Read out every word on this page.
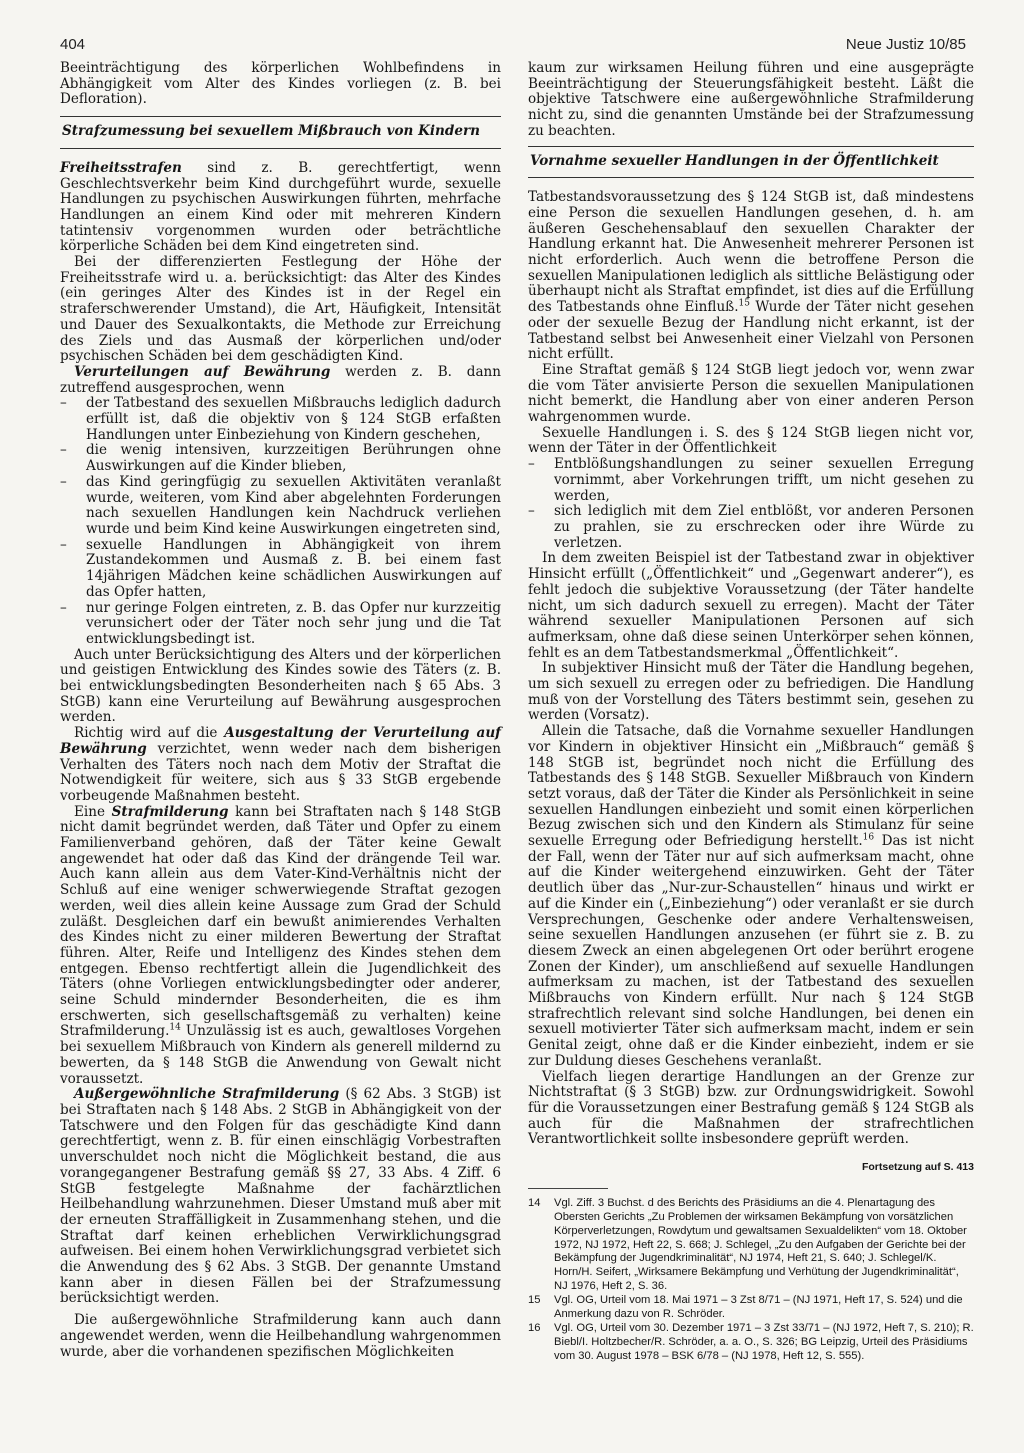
404	Neue Justiz 10/85

Beeinträchtigung des körperlichen Wohlbefindens in Abhängigkeit vom Alter des Kindes vorliegen (z. B. bei Defloration).

Strafzumessung bei sexuellem Mißbrauch von Kindern

Freiheitsstrafen sind z. B. gerechtfertigt, wenn Geschlechtsverkehr beim Kind durchgeführt wurde, sexuelle Handlungen zu psychischen Auswirkungen führten, mehrfache Handlungen an einem Kind oder mit mehreren Kindern tatintensiv vorgenommen wurden oder beträchtliche körperliche Schäden bei dem Kind eingetreten sind.

Bei der differenzierten Festlegung der Höhe der Freiheitsstrafe wird u. a. berücksichtigt: das Alter des Kindes (ein geringes Alter des Kindes ist in der Regel ein straferschwerender Umstand), die Art, Häufigkeit, Intensität und Dauer des Sexualkontakts, die Methode zur Erreichung des Ziels und das Ausmaß der körperlichen und/oder psychischen Schäden bei dem geschädigten Kind.

Verurteilungen auf Bewährung werden z. B. dann zutreffend ausgesprochen, wenn

– der Tatbestand des sexuellen Mißbrauchs lediglich dadurch erfüllt ist, daß die objektiv von § 124 StGB erfaßten Handlungen unter Einbeziehung von Kindern geschehen,
– die wenig intensiven, kurzzeitigen Berührungen ohne Auswirkungen auf die Kinder blieben,
– das Kind geringfügig zu sexuellen Aktivitäten veranlaßt wurde, weiteren, vom Kind aber abgelehnten Forderungen nach sexuellen Handlungen kein Nachdruck verliehen wurde und beim Kind keine Auswirkungen eingetreten sind,
– sexuelle Handlungen in Abhängigkeit von ihrem Zustandekommen und Ausmaß z. B. bei einem fast 14jährigen Mädchen keine schädlichen Auswirkungen auf das Opfer hatten,
– nur geringe Folgen eintreten, z. B. das Opfer nur kurzzeitig verunsichert oder der Täter noch sehr jung und die Tat entwicklungsbedingt ist.

Auch unter Berücksichtigung des Alters und der körperlichen und geistigen Entwicklung des Kindes sowie des Täters (z. B. bei entwicklungsbedingten Besonderheiten nach § 65 Abs. 3 StGB) kann eine Verurteilung auf Bewährung ausgesprochen werden.

Richtig wird auf die Ausgestaltung der Verurteilung auf Bewährung verzichtet, wenn weder nach dem bisherigen Verhalten des Täters noch nach dem Motiv der Straftat die Notwendigkeit für weitere, sich aus § 33 StGB ergebende vorbeugende Maßnahmen besteht.

Eine Strafmilderung kann bei Straftaten nach § 148 StGB nicht damit begründet werden, daß Täter und Opfer zu einem Familienverband gehören, daß der Täter keine Gewalt angewendet hat oder daß das Kind der drängende Teil war. Auch kann allein aus dem Vater-Kind-Verhältnis nicht der Schluß auf eine weniger schwerwiegende Straftat gezogen werden, weil dies allein keine Aussage zum Grad der Schuld zuläßt. Desgleichen darf ein bewußt animierendes Verhalten des Kindes nicht zu einer milderen Bewertung der Straftat führen. Alter, Reife und Intelligenz des Kindes stehen dem entgegen. Ebenso rechtfertigt allein die Jugendlichkeit des Täters (ohne Vorliegen entwicklungsbedingter oder anderer, seine Schuld mindernder Besonderheiten, die es ihm erschwerten, sich gesellschaftsgemäß zu verhalten) keine Strafmilderung.$^{14}$ Unzulässig ist es auch, gewaltloses Vorgehen bei sexuellem Mißbrauch von Kindern als generell mildernd zu bewerten, da § 148 StGB die Anwendung von Gewalt nicht voraussetzt.

Außergewöhnliche Strafmilderung (§ 62 Abs. 3 StGB) ist bei Straftaten nach § 148 Abs. 2 StGB in Abhängigkeit von der Tatschwere und den Folgen für das geschädigte Kind dann gerechtfertigt, wenn z. B. für einen einschlägig Vorbestraften unverschuldet noch nicht die Möglichkeit bestand, die aus vorangegangener Bestrafung gemäß §§ 27, 33 Abs. 4 Ziff. 6 StGB festgelegte Maßnahme der fachärztlichen Heilbehandlung wahrzunehmen. Dieser Umstand muß aber mit der erneuten Straffälligkeit in Zusammenhang stehen, und die Straftat darf keinen erheblichen Verwirklichungsgrad aufweisen. Bei einem hohen Verwirklichungsgrad verbietet sich die Anwendung des § 62 Abs. 3 StGB. Der genannte Umstand kann aber in diesen Fällen bei der Strafzumessung berücksichtigt werden.

Die außergewöhnliche Strafmilderung kann auch dann angewendet werden, wenn die Heilbehandlung wahrgenommen wurde, aber die vorhandenen spezifischen Möglichkeiten

kaum zur wirksamen Heilung führen und eine ausgeprägte Beeinträchtigung der Steuerungsfähigkeit besteht. Läßt die objektive Tatschwere eine außergewöhnliche Strafmilderung nicht zu, sind die genannten Umstände bei der Strafzumessung zu beachten.

Vornahme sexueller Handlungen in der Öffentlichkeit

Tatbestandsvoraussetzung des § 124 StGB ist, daß mindestens eine Person die sexuellen Handlungen gesehen, d. h. am äußeren Geschehensablauf den sexuellen Charakter der Handlung erkannt hat. Die Anwesenheit mehrerer Personen ist nicht erforderlich. Auch wenn die betroffene Person die sexuellen Manipulationen lediglich als sittliche Belästigung oder überhaupt nicht als Straftat empfindet, ist dies auf die Erfüllung des Tatbestands ohne Einfluß.$^{15}$ Wurde der Täter nicht gesehen oder der sexuelle Bezug der Handlung nicht erkannt, ist der Tatbestand selbst bei Anwesenheit einer Vielzahl von Personen nicht erfüllt.

Eine Straftat gemäß § 124 StGB liegt jedoch vor, wenn zwar die vom Täter anvisierte Person die sexuellen Manipulationen nicht bemerkt, die Handlung aber von einer anderen Person wahrgenommen wurde.

Sexuelle Handlungen i. S. des § 124 StGB liegen nicht vor, wenn der Täter in der Öffentlichkeit

– Entblößungshandlungen zu seiner sexuellen Erregung vornimmt, aber Vorkehrungen trifft, um nicht gesehen zu werden,
– sich lediglich mit dem Ziel entblößt, vor anderen Personen zu prahlen, sie zu erschrecken oder ihre Würde zu verletzen.

In dem zweiten Beispiel ist der Tatbestand zwar in objektiver Hinsicht erfüllt („Öffentlichkeit“ und „Gegenwart anderer“), es fehlt jedoch die subjektive Voraussetzung (der Täter handelte nicht, um sich dadurch sexuell zu erregen). Macht der Täter während sexueller Manipulationen Personen auf sich aufmerksam, ohne daß diese seinen Unterkörper sehen können, fehlt es an dem Tatbestandsmerkmal „Öffentlichkeit“.

In subjektiver Hinsicht muß der Täter die Handlung begehen, um sich sexuell zu erregen oder zu befriedigen. Die Handlung muß von der Vorstellung des Täters bestimmt sein, gesehen zu werden (Vorsatz).

Allein die Tatsache, daß die Vornahme sexueller Handlungen vor Kindern in objektiver Hinsicht ein „Mißbrauch“ gemäß § 148 StGB ist, begründet noch nicht die Erfüllung des Tatbestands des § 148 StGB. Sexueller Mißbrauch von Kindern setzt voraus, daß der Täter die Kinder als Persönlichkeit in seine sexuellen Handlungen einbezieht und somit einen körperlichen Bezug zwischen sich und den Kindern als Stimulanz für seine sexuelle Erregung oder Befriedigung herstellt.$^{16}$ Das ist nicht der Fall, wenn der Täter nur auf sich aufmerksam macht, ohne auf die Kinder weitergehend einzuwirken. Geht der Täter deutlich über das „Nur-zur-Schaustellen“ hinaus und wirkt er auf die Kinder ein („Einbeziehung“) oder veranlaßt er sie durch Versprechungen, Geschenke oder andere Verhaltensweisen, seine sexuellen Handlungen anzusehen (er führt sie z. B. zu diesem Zweck an einen abgelegenen Ort oder berührt erogene Zonen der Kinder), um anschließend auf sexuelle Handlungen aufmerksam zu machen, ist der Tatbestand des sexuellen Mißbrauchs von Kindern erfüllt. Nur nach § 124 StGB strafrechtlich relevant sind solche Handlungen, bei denen ein sexuell motivierter Täter sich aufmerksam macht, indem er sein Genital zeigt, ohne daß er die Kinder einbezieht, indem er sie zur Duldung dieses Geschehens veranlaßt.

Vielfach liegen derartige Handlungen an der Grenze zur Nichtstraftat (§ 3 StGB) bzw. zur Ordnungswidrigkeit. Sowohl für die Voraussetzungen einer Bestrafung gemäß § 124 StGB als auch für die Maßnahmen der strafrechtlichen Verantwortlichkeit sollte insbesondere geprüft werden.

Fortsetzung auf S. 413
14	Vgl. Ziff. 3 Buchst. d des Berichts des Präsidiums an die 4. Plenartagung des Obersten Gerichts „Zu Problemen der wirksamen Bekämpfung von vorsätzlichen Körperverletzungen, Rowdytum und gewaltsamen Sexualdelikten“ vom 18. Oktober 1972, NJ 1972, Heft 22, S. 668; J. Schlegel, „Zu den Aufgaben der Gerichte bei der Bekämpfung der Jugendkriminalität“, NJ 1974, Heft 21, S. 640; J. Schlegel/K. Horn/H. Seifert, „Wirksamere Bekämpfung und Verhütung der Jugendkriminalität“, NJ 1976, Heft 2, S. 36.
15	Vgl. OG, Urteil vom 18. Mai 1971 – 3 Zst 8/71 – (NJ 1971, Heft 17, S. 524) und die Anmerkung dazu von R. Schröder.
16	Vgl. OG, Urteil vom 30. Dezember 1971 – 3 Zst 33/71 – (NJ 1972, Heft 7, S. 210); R. Biebl/I. Holtzbecher/R. Schröder, a. a. O., S. 326; BG Leipzig, Urteil des Präsidiums vom 30. August 1978 – BSK 6/78 – (NJ 1978, Heft 12, S. 555).
